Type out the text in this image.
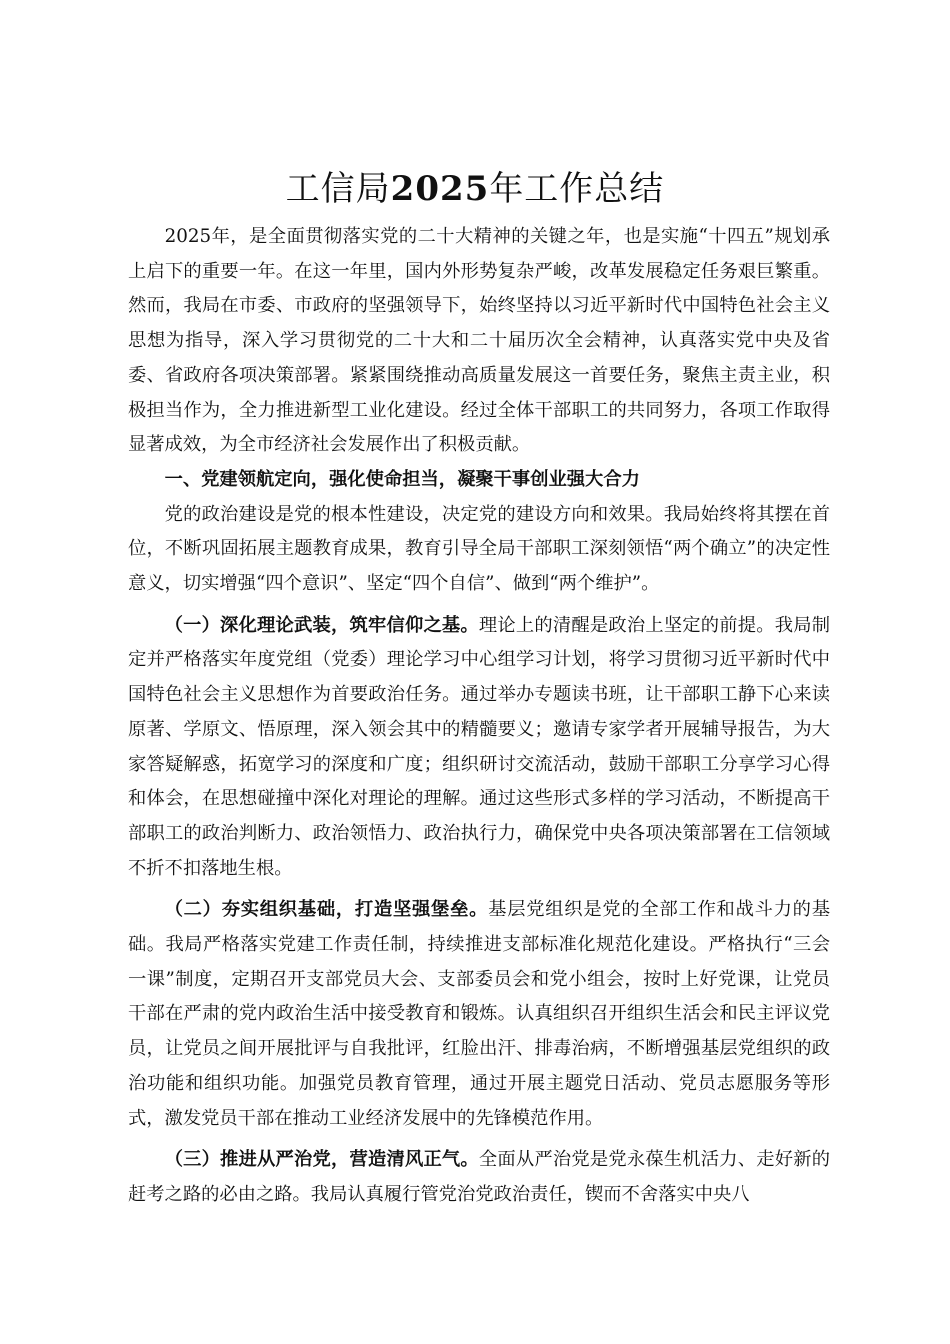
工信局2025年工作总结

2025年，是全面贯彻落实党的二十大精神的关键之年，也是实施“十四五”规划承上启下的重要一年。在这一年里，国内外形势复杂严峻，改革发展稳定任务艰巨繁重。然而，我局在市委、市政府的坚强领导下，始终坚持以习近平新时代中国特色社会主义思想为指导，深入学习贯彻党的二十大和二十届历次全会精神，认真落实党中央及省委、省政府各项决策部署。紧紧围绕推动高质量发展这一首要任务，聚焦主责主业，积极担当作为，全力推进新型工业化建设。经过全体干部职工的共同努力，各项工作取得显著成效，为全市经济社会发展作出了积极贡献。

一、党建领航定向，强化使命担当，凝聚干事创业强大合力

党的政治建设是党的根本性建设，决定党的建设方向和效果。我局始终将其摆在首位，不断巩固拓展主题教育成果，教育引导全局干部职工深刻领悟“两个确立”的决定性意义，切实增强“四个意识”、坚定“四个自信”、做到“两个维护”。

（一）深化理论武装，筑牢信仰之基。理论上的清醒是政治上坚定的前提。我局制定并严格落实年度党组（党委）理论学习中心组学习计划，将学习贯彻习近平新时代中国特色社会主义思想作为首要政治任务。通过举办专题读书班，让干部职工静下心来读原著、学原文、悟原理，深入领会其中的精髓要义；邀请专家学者开展辅导报告，为大家答疑解惑，拓宽学习的深度和广度；组织研讨交流活动，鼓励干部职工分享学习心得和体会，在思想碰撞中深化对理论的理解。通过这些形式多样的学习活动，不断提高干部职工的政治判断力、政治领悟力、政治执行力，确保党中央各项决策部署在工信领域不折不扣落地生根。

（二）夯实组织基础，打造坚强堡垒。基层党组织是党的全部工作和战斗力的基础。我局严格落实党建工作责任制，持续推进支部标准化规范化建设。严格执行“三会一课”制度，定期召开支部党员大会、支部委员会和党小组会，按时上好党课，让党员干部在严肃的党内政治生活中接受教育和锻炼。认真组织召开组织生活会和民主评议党员，让党员之间开展批评与自我批评，红脸出汗、排毒治病，不断增强基层党组织的政治功能和组织功能。加强党员教育管理，通过开展主题党日活动、党员志愿服务等形式，激发党员干部在推动工业经济发展中的先锋模范作用。

（三）推进从严治党，营造清风正气。全面从严治党是党永葆生机活力、走好新的赶考之路的必由之路。我局认真履行管党治党政治责任，锲而不舍落实中央八
